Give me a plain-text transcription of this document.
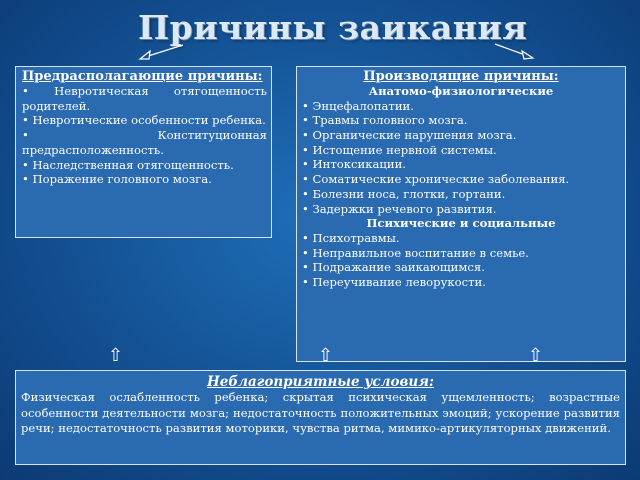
Причины заикания
Предрасполагающие причины:
• Невротическая отягощенность родителей.
• Невротические особенности ребенка.
• Конституционная предрасположенность.
• Наследственная отягощенность.
• Поражение головного мозга.
Производящие причины:
Анатомо-физиологические
• Энцефалопатии.
• Травмы головного мозга.
• Органические нарушения мозга.
• Истощение нервной системы.
• Интоксикации.
• Соматические хронические заболевания.
• Болезни носа, глотки, гортани.
• Задержки речевого развития.
Психические и социальные
• Психотравмы.
• Неправильное воспитание в семье.
• Подражание заикающимся.
• Переучивание леворукости.
⇧	⇧	⇧
Неблагоприятные условия:
Физическая ослабленность ребенка; скрытая психическая ущемленность; возрастные особенности деятельности мозга; недостаточность положительных эмоций; ускорение развития речи; недостаточность развития моторики, чувства ритма, мимико-артикуляторных движений.
